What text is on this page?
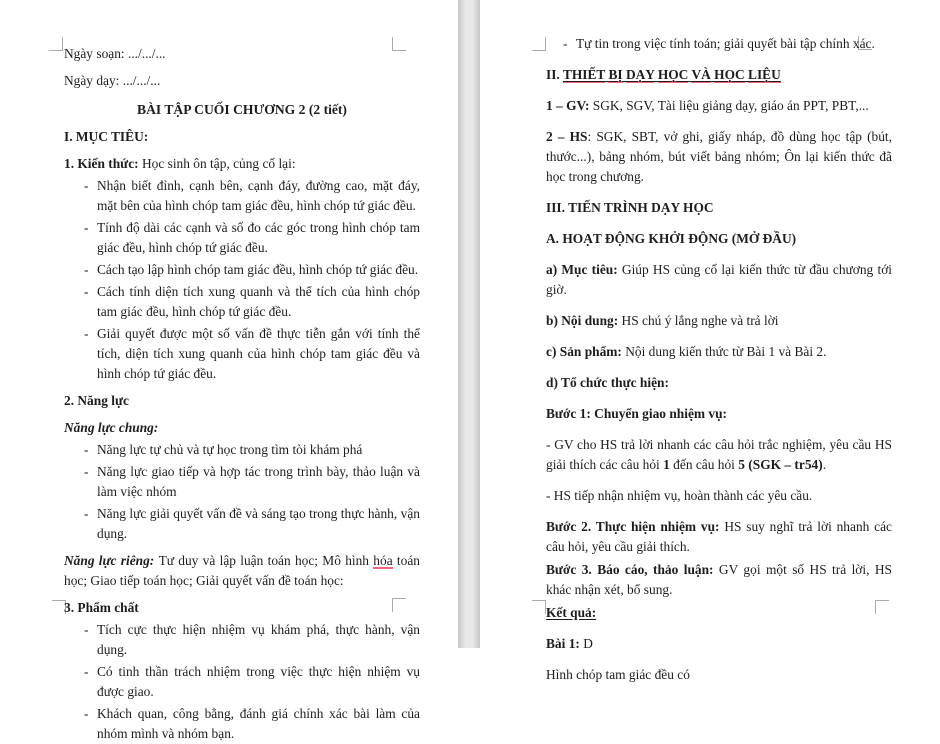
Ngày soạn: .../.../...
Ngày dạy: .../.../...
BÀI TẬP CUỐI CHƯƠNG 2 (2 tiết)
I. MỤC TIÊU:
1. Kiến thức: Học sinh ôn tập, củng cố lại:
- Nhận biết đỉnh, cạnh bên, cạnh đáy, đường cao, mặt đáy, mặt bên của hình chóp tam giác đều, hình chóp tứ giác đều.
- Tính độ dài các cạnh và số đo các góc trong hình chóp tam giác đều, hình chóp tứ giác đều.
- Cách tạo lập hình chóp tam giác đều, hình chóp tứ giác đều.
- Cách tính diện tích xung quanh và thể tích của hình chóp tam giác đều, hình chóp tứ giác đều.
- Giải quyết được một số vấn đề thực tiễn gắn với tính thể tích, diện tích xung quanh của hình chóp tam giác đều và hình chóp tứ giác đều.
2. Năng lực
Năng lực chung:
- Năng lực tự chủ và tự học trong tìm tòi khám phá
- Năng lực giao tiếp và hợp tác trong trình bày, thảo luận và làm việc nhóm
- Năng lực giải quyết vấn đề và sáng tạo trong thực hành, vận dụng.
Năng lực riêng: Tư duy và lập luận toán học; Mô hình hóa toán học; Giao tiếp toán học; Giải quyết vấn đề toán học:
3. Phẩm chất
- Tích cực thực hiện nhiệm vụ khám phá, thực hành, vận dụng.
- Có tinh thần trách nhiệm trong việc thực hiện nhiệm vụ được giao.
- Khách quan, công bằng, đánh giá chính xác bài làm của nhóm mình và nhóm bạn.
- Tự tin trong việc tính toán; giải quyết bài tập chính xác.
II. THIẾT BỊ DẠY HỌC VÀ HỌC LIỆU
1 – GV: SGK, SGV, Tài liệu giảng dạy, giáo án PPT, PBT,...
2 – HS: SGK, SBT, vở ghi, giấy nháp, đồ dùng học tập (bút, thước...), bảng nhóm, bút viết bảng nhóm; Ôn lại kiến thức đã học trong chương.
III. TIẾN TRÌNH DẠY HỌC
A. HOẠT ĐỘNG KHỞI ĐỘNG (MỞ ĐẦU)
a) Mục tiêu: Giúp HS củng cố lại kiến thức từ đầu chương tới giờ.
b) Nội dung: HS chú ý lắng nghe và trả lời
c) Sản phẩm: Nội dung kiến thức từ Bài 1 và Bài 2.
d) Tổ chức thực hiện:
Bước 1: Chuyển giao nhiệm vụ:
- GV cho HS trả lời nhanh các câu hỏi trắc nghiệm, yêu cầu HS giải thích các câu hỏi 1 đến câu hỏi 5 (SGK – tr54).
- HS tiếp nhận nhiệm vụ, hoàn thành các yêu cầu.
Bước 2. Thực hiện nhiệm vụ: HS suy nghĩ trả lời nhanh các câu hỏi, yêu cầu giải thích.
Bước 3. Báo cáo, thảo luận: GV gọi một số HS trả lời, HS khác nhận xét, bổ sung.
Kết quả:
Bài 1: D
Hình chóp tam giác đều có
